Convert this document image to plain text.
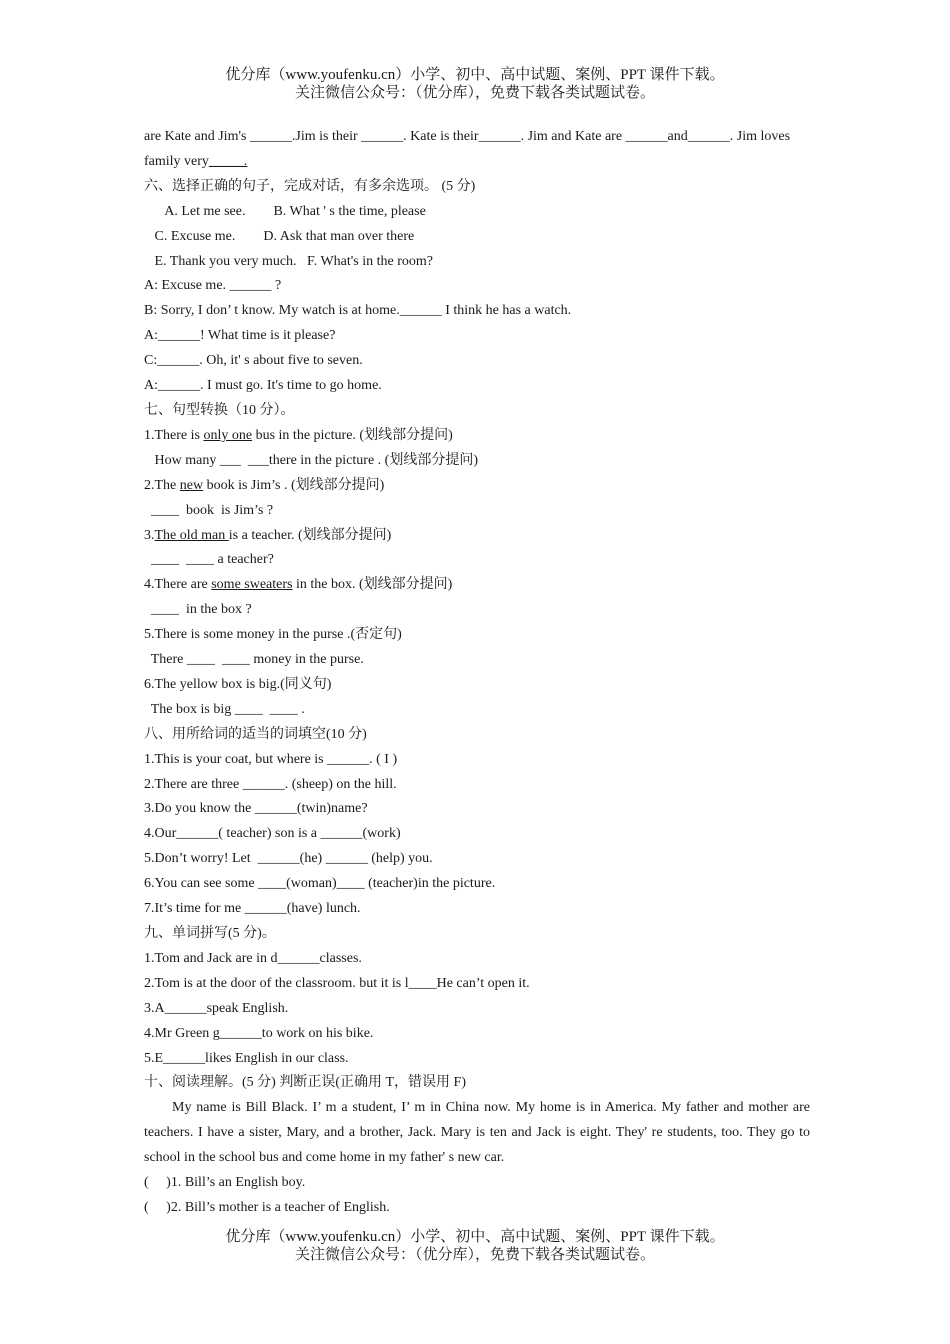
优分库（www.youfenku.cn）小学、初中、高中试题、案例、PPT 课件下载。
关注微信公众号：（优分库），免费下载各类试题试卷。
are Kate and Jim's ______.Jim is their ______. Kate is their______. Jim and Kate are ______and______. Jim loves
family very_____.
六、选择正确的句子，完成对话，有多余选项。 (5 分)
A. Let me see.        B. What ' s the time, please
C. Excuse me.        D. Ask that man over there
E. Thank you very much.   F. What's in the room?
A: Excuse me. ______ ?
B: Sorry, I don’ t know. My watch is at home.______ I think he has a watch.
A:______! What time is it please?
C:______. Oh, it' s about five to seven.
A:______. I must go. It's time to go home.
七、句型转换（10 分）。
1.There is only one bus in the picture. (划线部分提问)
How many ___  ___there in the picture . (划线部分提问)
2.The new book is Jim’s . (划线部分提问)
____  book  is Jim’s ?
3.The old man is a teacher. (划线部分提问)
____  ____ a teacher?
4.There are some sweaters in the box. (划线部分提问)
____  in the box ?
5.There is some money in the purse .(否定句)
There ____  ____ money in the purse.
6.The yellow box is big.(同义句)
The box is big ____  ____ .
八、用所给词的适当的词填空(10 分)
1.This is your coat, but where is ______. ( I )
2.There are three ______. (sheep) on the hill.
3.Do you know the ______(twin)name?
4.Our______( teacher) son is a ______(work)
5.Don’t worry! Let  ______(he) ______ (help) you.
6.You can see some ____(woman)____ (teacher)in the picture.
7.It’s time for me ______(have) lunch.
九、单词拼写(5 分)。
1.Tom and Jack are in d______classes.
2.Tom is at the door of the classroom. but it is l____He can’t open it.
3.A______speak English.
4.Mr Green g______to work on his bike.
5.E______likes English in our class.
十、阅读理解。(5 分) 判断正误(正确用 T，错误用 F)
My name is Bill Black. I’ m a student, I’ m in China now. My home is in America. My father and mother are teachers. I have a sister, Mary, and a brother, Jack. Mary is ten and Jack is eight. They' re students, too. They go to school in the school bus and come home in my father' s new car.
(     )1. Bill’s an English boy.
(     )2. Bill’s mother is a teacher of English.
优分库（www.youfenku.cn）小学、初中、高中试题、案例、PPT 课件下载。
关注微信公众号：（优分库），免费下载各类试题试卷。
